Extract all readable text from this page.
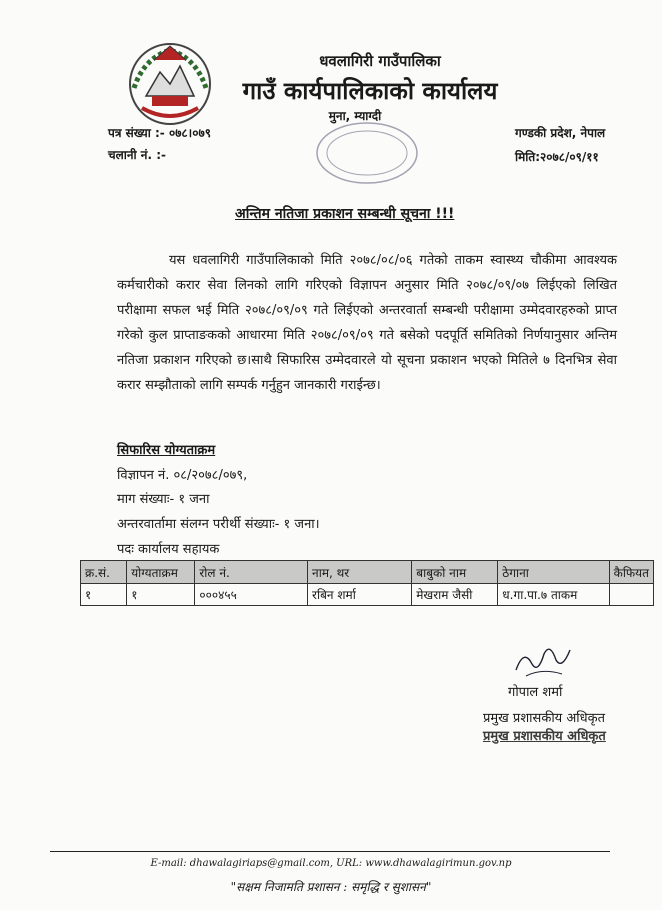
धवलागिरी गाउँपालिका
गाउँ कार्यपालिकाको कार्यालय
मुना, म्याग्दी
पत्र संख्या :- ०७८।०७९
चलानी नं. :-
गण्डकी प्रदेश, नेपाल
मिति:२०७८/०९/११
अन्तिम नतिजा प्रकाशन सम्बन्धी सूचना !!!
यस धवलागिरी गाउँपालिकाको मिति २०७८/०८/०६ गतेको ताकम स्वास्थ्य चौकीमा आवश्यक कर्मचारीको करार सेवा लिनको लागि गरिएको विज्ञापन अनुसार मिति २०७८/०९/०७ लिईएको लिखित परीक्षामा सफल भई मिति २०७८/०९/०९ गते लिईएको अन्तरवार्ता सम्बन्धी परीक्षामा उम्मेदवारहरुको प्राप्त गरेको कुल प्राप्ताङकको आधारमा मिति २०७८/०९/०९ गते बसेको पदपूर्ति समितिको निर्णयानुसार अन्तिम नतिजा प्रकाशन गरिएको छ।साथै सिफारिस उम्मेदवारले यो सूचना प्रकाशन भएको मितिले ७ दिनभित्र सेवा करार सम्झौताको लागि सम्पर्क गर्नुहुन जानकारी गराईन्छ।
सिफारिस योग्यताक्रम
विज्ञापन नं. ०८/२०७८/०७९,
माग संख्याः- १ जना
अन्तरवार्तामा संलग्न परीर्थी संख्याः- १ जना।
पदः कार्यालय सहायक
क्र.सं.	योग्यताक्रम	रोल नं.	नाम, थर	बाबुको नाम	ठेगाना	कैफियत
१	१	०००४५५	रबिन शर्मा	मेखराम जैसी	ध.गा.पा.७ ताकम	
गोपाल शर्मा
प्रमुख प्रशासकीय अधिकृत
प्रमुख प्रशासकीय अधिकृत
E-mail: dhawalagiriaps@gmail.com, URL: www.dhawalagirimun.gov.np
"सक्षम निजामति प्रशासन : समृद्धि र सुशासन"
